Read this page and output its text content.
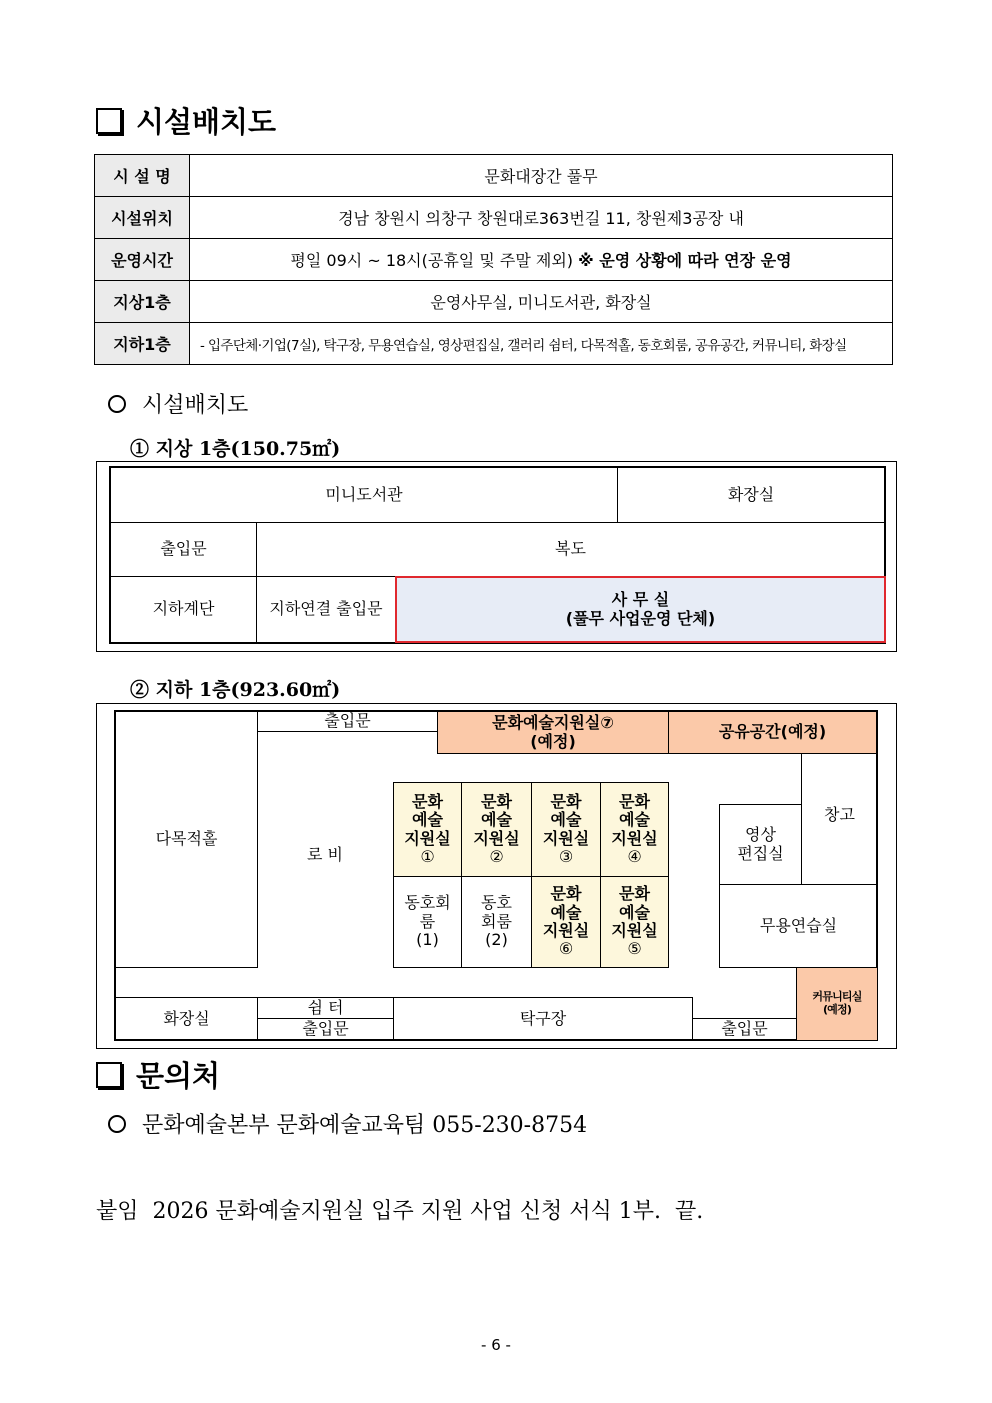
시설배치도
시 설 명	문화대장간 풀무
시설위치	경남 창원시 의창구 창원대로363번길 11, 창원제3공장 내
운영시간	평일 09시 ~ 18시(공휴일 및 주말 제외) ※ 운영 상황에 따라 연장 운영
지상1층	운영사무실, 미니도서관, 화장실
지하1층	- 입주단체·기업(7실), 탁구장, 무용연습실, 영상편집실, 갤러리 쉼터, 다목적홀, 동호회룸, 공유공간, 커뮤니티, 화장실
시설배치도
① 지상 1층(150.75㎡)
미니도서관	화장실
출입문	복도
지하계단	지하연결 출입문	사 무 실
(풀무 사업운영 단체)
② 지하 1층(923.60㎡)
다목적홀
출입문	문화예술지원실⑦
(예정)	공유공간(예정)
로 비
문화
예술
지원실
①
문화
예술
지원실
②
문화
예술
지원실
③
문화
예술
지원실
④
동호회
룸
(1)
동호
회룸
(2)
문화
예술
지원실
⑥
문화
예술
지원실
⑤
영상
편집실
창고
무용연습실
커뮤니티실
(예정)
화장실
쉼 터
출입문
탁구장
출입문
문의처
문화예술본부 문화예술교육팀 055-230-8754
붙임  2026 문화예술지원실 입주 지원 사업 신청 서식 1부.  끝.
- 6 -
